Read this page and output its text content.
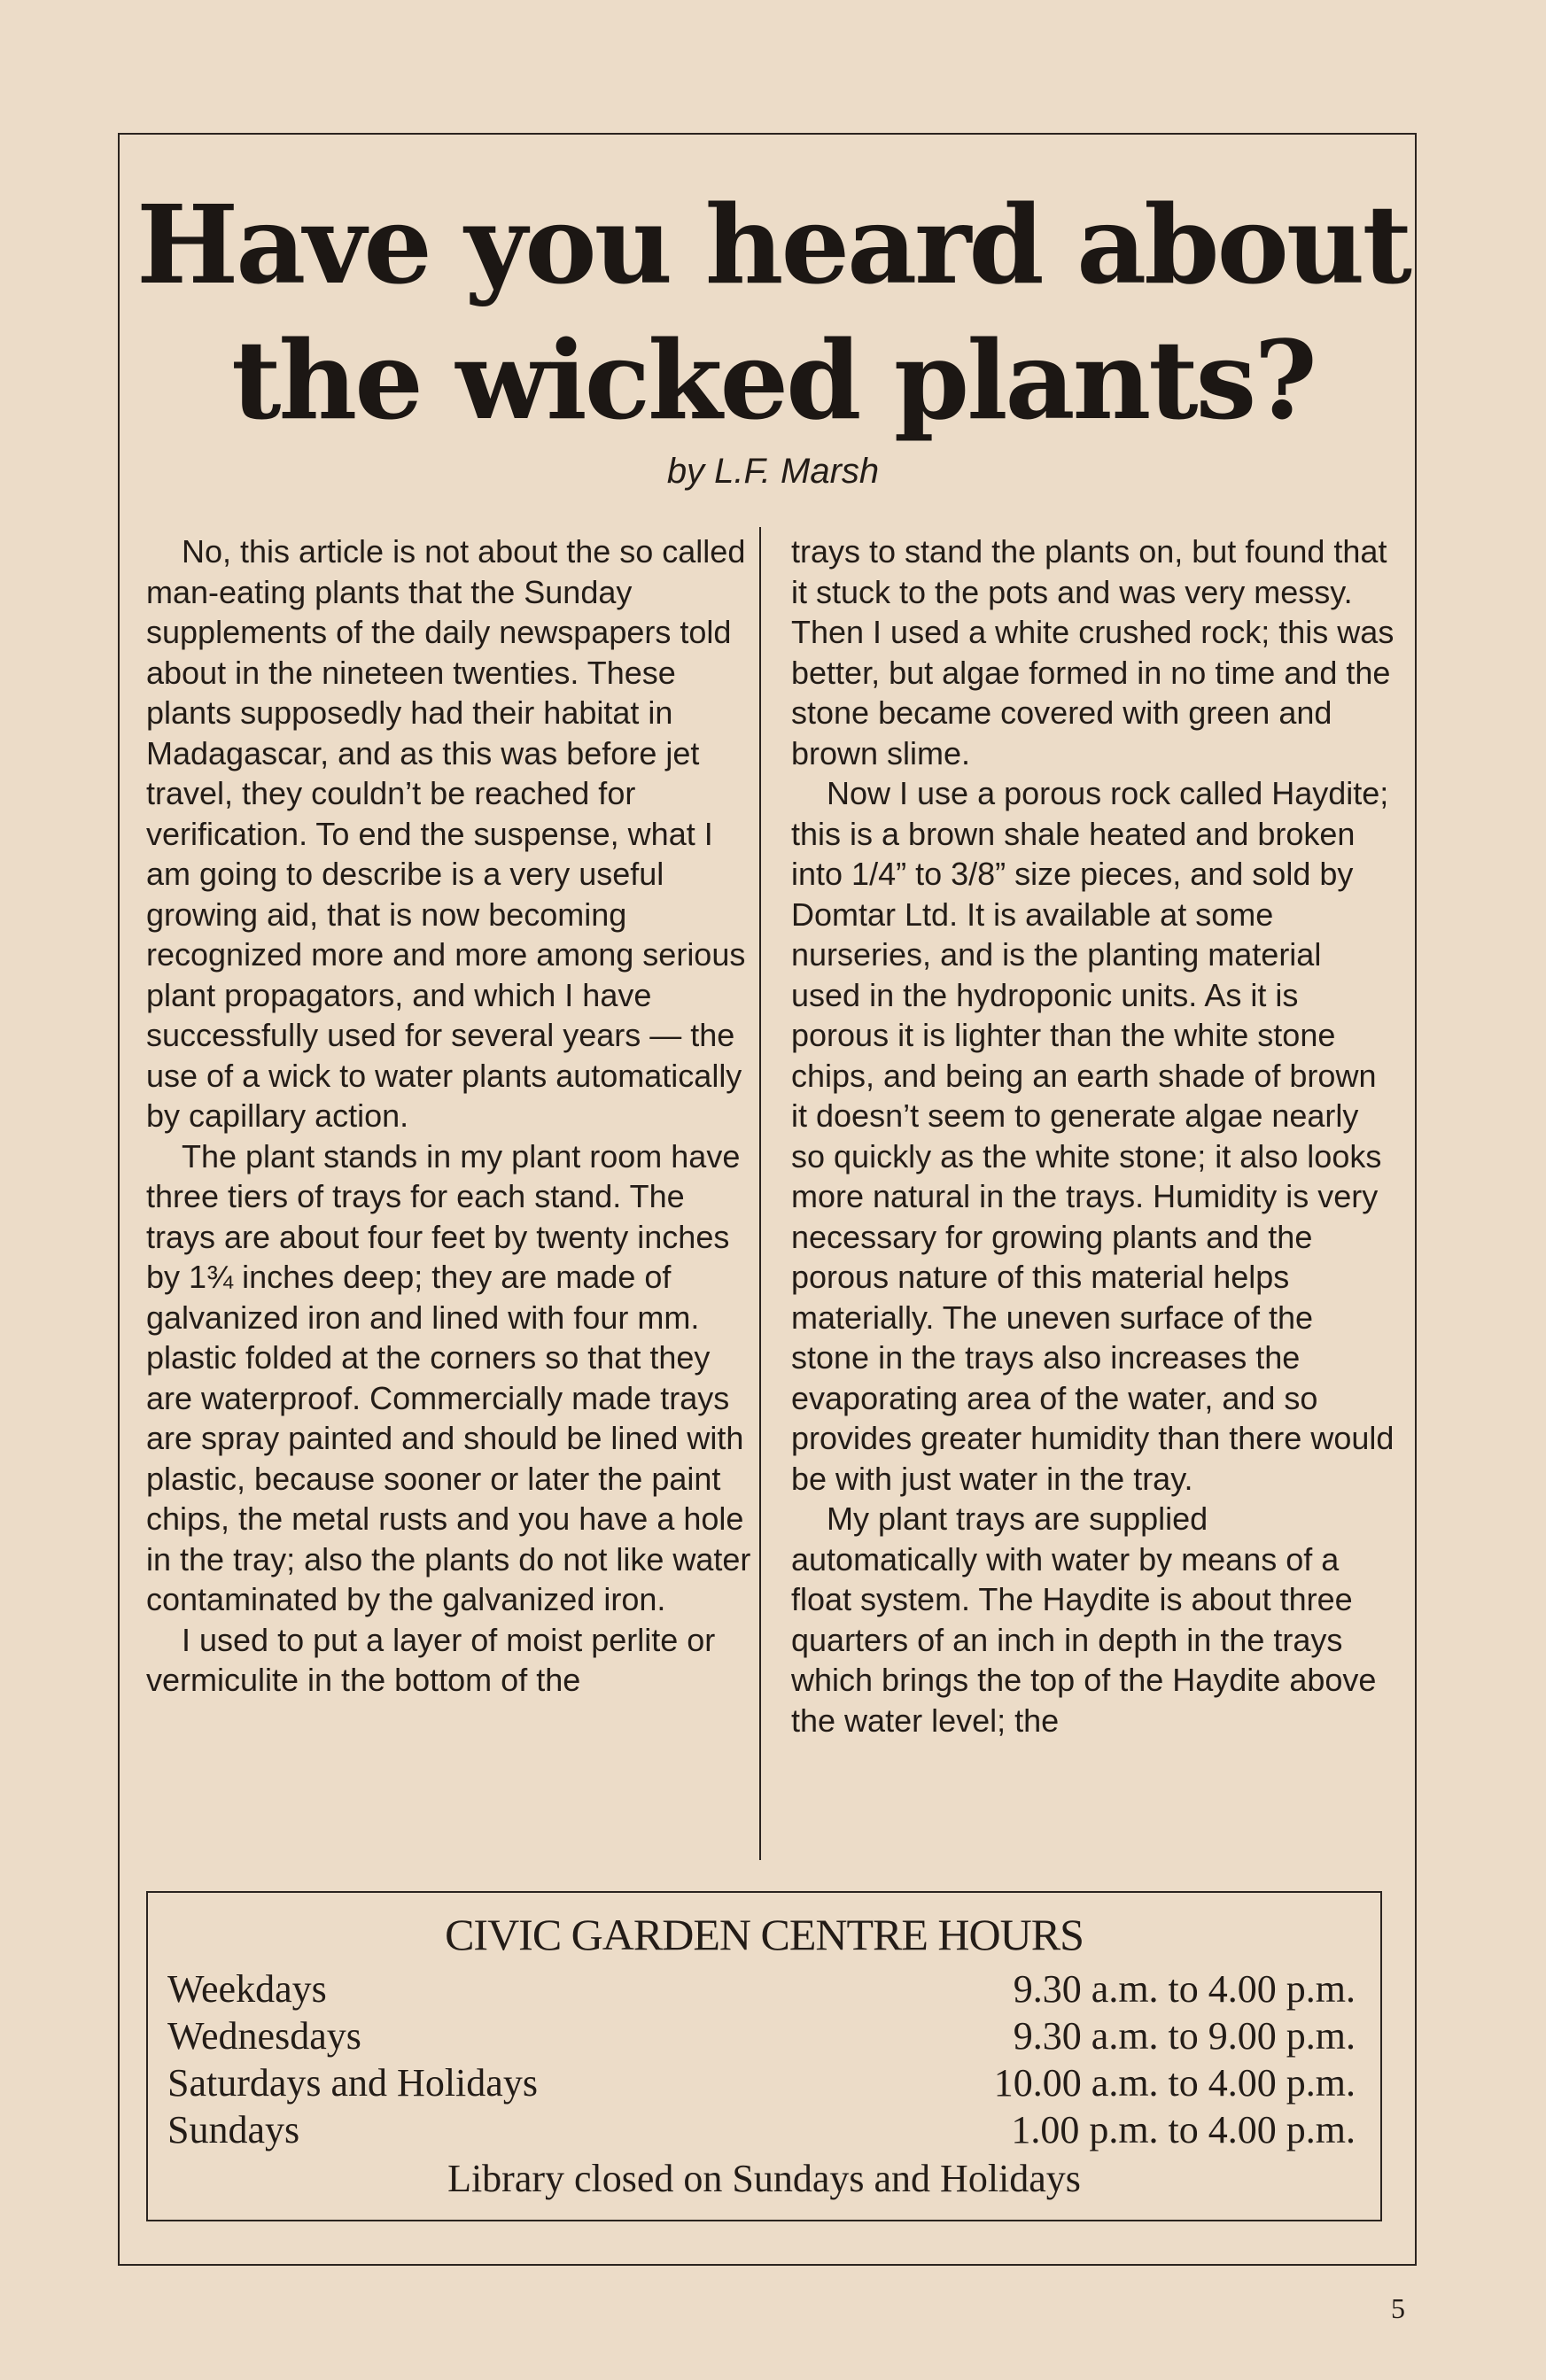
Have you heard about
the wicked plants?

by L.F. Marsh

No, this article is not about the so called man-eating plants that the Sunday supplements of the daily newspapers told about in the nineteen twenties. These plants supposedly had their habitat in Madagascar, and as this was before jet travel, they couldn’t be reached for verification. To end the suspense, what I am going to describe is a very useful growing aid, that is now becoming recognized more and more among serious plant propagators, and which I have successfully used for several years — the use of a wick to water plants automatically by capillary action.

The plant stands in my plant room have three tiers of trays for each stand. The trays are about four feet by twenty inches by 1¾ inches deep; they are made of galvanized iron and lined with four mm. plastic folded at the corners so that they are waterproof. Commercially made trays are spray painted and should be lined with plastic, because sooner or later the paint chips, the metal rusts and you have a hole in the tray; also the plants do not like water contaminated by the galvanized iron.

I used to put a layer of moist perlite or vermiculite in the bottom of the

trays to stand the plants on, but found that it stuck to the pots and was very messy. Then I used a white crushed rock; this was better, but algae formed in no time and the stone became covered with green and brown slime.

Now I use a porous rock called Haydite; this is a brown shale heated and broken into 1/4” to 3/8” size pieces, and sold by Domtar Ltd. It is available at some nurseries, and is the planting material used in the hydroponic units. As it is porous it is lighter than the white stone chips, and being an earth shade of brown it doesn’t seem to generate algae nearly so quickly as the white stone; it also looks more natural in the trays. Humidity is very necessary for growing plants and the porous nature of this material helps materially. The uneven surface of the stone in the trays also increases the evaporating area of the water, and so provides greater humidity than there would be with just water in the tray.

My plant trays are supplied automatically with water by means of a float system. The Haydite is about three quarters of an inch in depth in the trays which brings the top of the Haydite above the water level; the

CIVIC GARDEN CENTRE HOURS
Weekdays	9.30 a.m. to 4.00 p.m.
Wednesdays	9.30 a.m. to 9.00 p.m.
Saturdays and Holidays	10.00 a.m. to 4.00 p.m.
Sundays	1.00 p.m. to 4.00 p.m.
Library closed on Sundays and Holidays
5
